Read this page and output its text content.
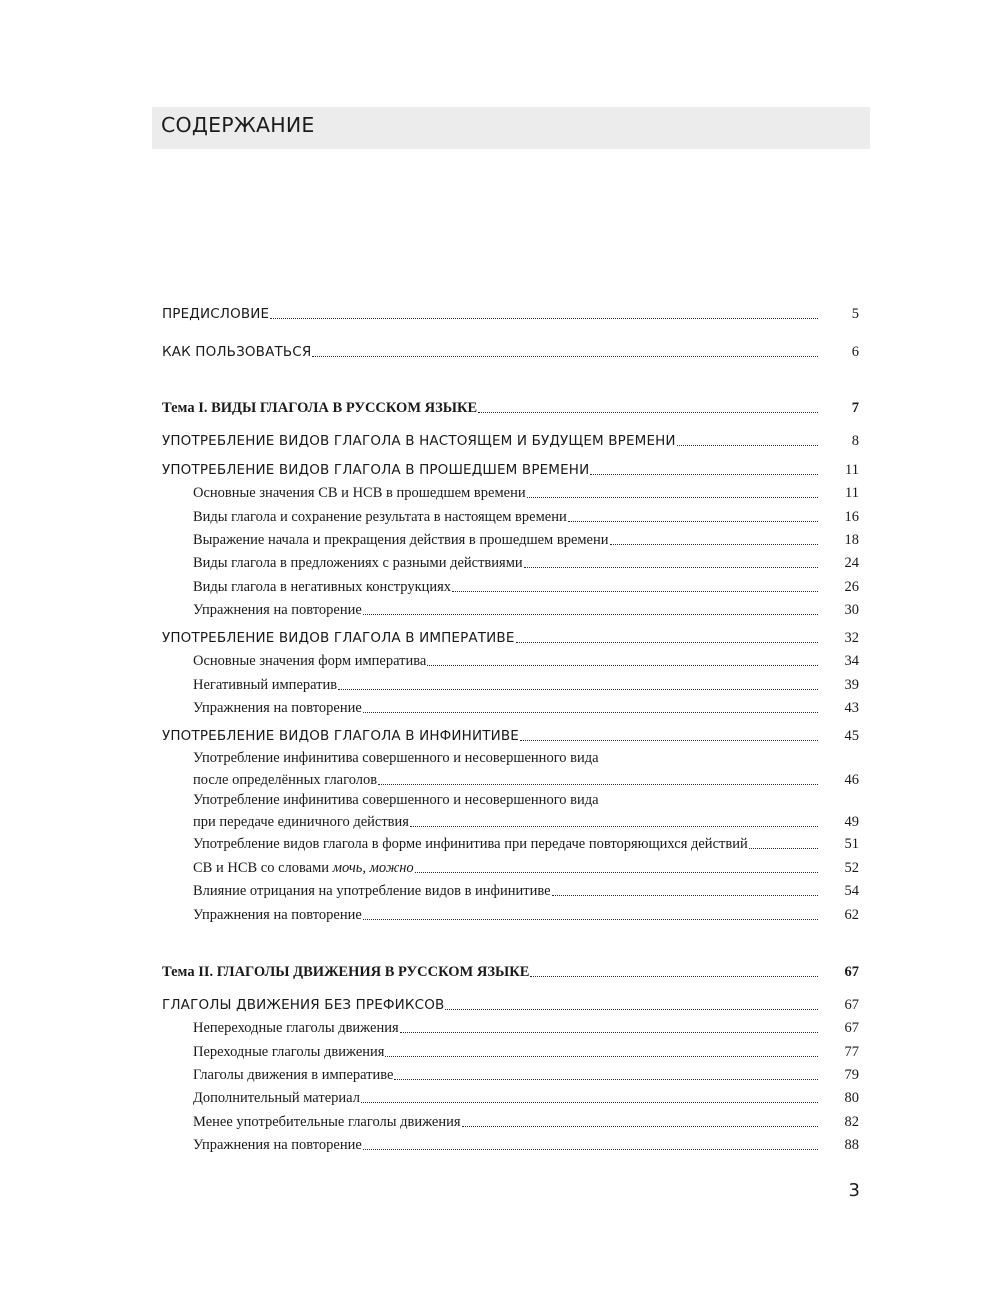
СОДЕРЖАНИЕ
ПРЕДИСЛОВИЕ	5
КАК ПОЛЬЗОВАТЬСЯ	6
Тема I. ВИДЫ ГЛАГОЛА В РУССКОМ ЯЗЫКЕ	7
УПОТРЕБЛЕНИЕ ВИДОВ ГЛАГОЛА В НАСТОЯЩЕМ И БУДУЩЕМ ВРЕМЕНИ	8
УПОТРЕБЛЕНИЕ ВИДОВ ГЛАГОЛА В ПРОШЕДШЕМ ВРЕМЕНИ	11
Основные значения СВ и НСВ в прошедшем времени	11
Виды глагола и сохранение результата в настоящем времени	16
Выражение начала и прекращения действия в прошедшем времени	18
Виды глагола в предложениях с разными действиями	24
Виды глагола в негативных конструкциях	26
Упражнения на повторение	30
УПОТРЕБЛЕНИЕ ВИДОВ ГЛАГОЛА В ИМПЕРАТИВЕ	32
Основные значения форм императива	34
Негативный императив	39
Упражнения на повторение	43
УПОТРЕБЛЕНИЕ ВИДОВ ГЛАГОЛА В ИНФИНИТИВЕ	45
Употребление инфинитива совершенного и несовершенного вида
после определённых глаголов	46
Употребление инфинитива совершенного и несовершенного вида
при передаче единичного действия	49
Употребление видов глагола в форме инфинитива при передаче повторяющихся действий	51
СВ и НСВ со словами мочь, можно	52
Влияние отрицания на употребление видов в инфинитиве	54
Упражнения на повторение	62
Тема II. ГЛАГОЛЫ ДВИЖЕНИЯ В РУССКОМ ЯЗЫКЕ	67
ГЛАГОЛЫ ДВИЖЕНИЯ БЕЗ ПРЕФИКСОВ	67
Непереходные глаголы движения	67
Переходные глаголы движения	77
Глаголы движения в императиве	79
Дополнительный материал	80
Менее употребительные глаголы движения	82
Упражнения на повторение	88
3
